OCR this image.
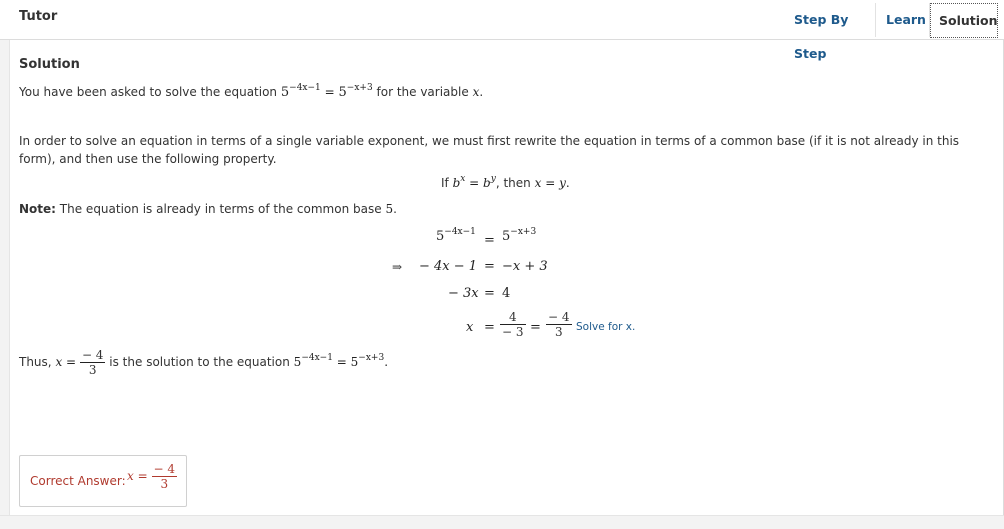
Tutor	Step By Step
Learn	Solution
Solution
You have been asked to solve the equation $5^{-4x-1} = 5^{-x+3}$ for the variable x.
In order to solve an equation in terms of a single variable exponent, we must first rewrite the equation in terms of a common base (if it is not already in this form), and then use the following property.
If $b^x = b^y$, then x = y.
Note: The equation is already in terms of the common base 5.
$5^{-4x-1}$
= $5^{-x+3}$
⇒ − 4x − 1 = −x + 3
− 3x = 4
$x = \frac{4}{- 3} = \frac{- 4}{3}$ Solve for x.
Thus, $x = \frac{- 4}{3}$ is the solution to the equation $5^{-4x-1} = 5^{-x+3}$.
Correct Answer: $x = \frac{- 4}{3}$
